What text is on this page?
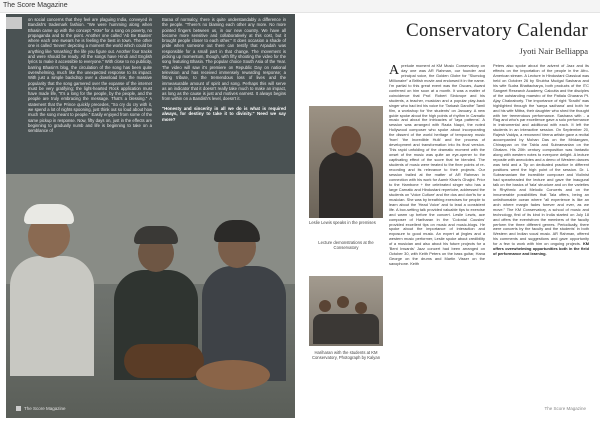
The Score Magazine
on social concerns that they feel are plaguing India, conveyed in Bandish's trademark fashion. "We were humming along when Bhasin came up with the concept "Vote" for a song on poverty, no propaganda and to the point. Another one called 'Ab Be Baaten' where each one swears he is feeling the best in town. The other one is called 'Seven' depicting a moment the world which could be anything like 'smashing' the life you figure out. Another four tracks and were should be ready. All the songs have Hindi and English lyrics to make it accessible to everyone." With close to no publicity, barring Bhasin's blog, the circulation of the song has been quite overwhelming, much like the unexpected response to its impact. With just a simple backdrop over a download link, the massive popularity that the song garnered over the expanse of the internet must be very gratifying; the light-hearted Rock application must have made life, "It's a long for the people, by the people, and the people are truly embracing the message. That's a blessing." A statement that the Prince quickly precedes, "So cry do cry with it, we spend a lot of nights spooning, just think out so loud about how much the song meant to people." Easily enjoyed from some of the same pickup in response. Now, fifty days on, just in the effects are beginning to gradually numb and life is beginning to take on a semblance of
Baraa of normalcy, there is quite understandably a difference in the people. "There's no blaming each other any more. No more pointed fingers between us, in our new country. We have all become more sensitive and collaboratively at this cost, but it brought people closer to each other." It does occasion a shade of pride when someone out there can testify that Arpadah was responsible for a small part in that change. The movement is picking up momentum, though, with fifty shooting the video for the song featuring Bhasin. The popular choice South Asia of the Year. The video will saw it's premiere on Republic Day on national television and has received immensely rewarding response; a fitting tribute, to the tremendous loss of lives and the immeasurable amount of spirit and song. Perhaps this will serve as an indicator that it doesn't really take much to make an impact, as long as the cause is just and motives earnest. It always begins from within on a Bandish's level, doesn't it.
"Honesty and sincerity in all we do is what is required always, for destiny to take it to divinity." Need we say more?
The Score Magazine
Conservatory Calendar
Jyoti Nair Belliappa
Leslie Lewis speaks in the premises
Lecture demonstrations at the Conservatory
Hariharan with the students at KM Conservatory, Photograph by Kalyan
Aprelude moment at KM Music Conservatory on day one was AR Rahman, our founder and principal voice, the Golden Globe for "Slumdog Millionaire" a British movie and endorsed it in the name. I'm partial to this great event was the Oscars, Award conferred on him soon at a month. It was a matter of coincidence that Prof. Robert Sinicrope and his students, a teacher, musician and a popular play-back singer who had led his voice for 'Tarkash Dandhe' Tamil film, a workshop for 'the students' on January. A new guide spoke about the high points of rhythm in Carnatic music and about the intricacies of 'laya patterns'. A session was arranged with Razia Naqvi, the noted Hollywood composer who spoke about incorporating the dissent of the world heritage of temporary music 'from' 'the Incredible Hulk' and the process of development and transformation into its final version. This rapid unfolding of the dramatic moment with the onset of the music was quite an eye-opener to the captivating effect of the score that he blended. The students of music were treated to the finer points of re-recording and its relevance to their projects. Our session trailed at the matter of AR Rahman in connection with his work for Aamir Khan's Ghajini. Prior to the Hambone + the celebrated singer who has a large Carnatic and Hindustani repertoire, addressed the students on 'Voice Culture' and the dos and don'ts for a musician. She was by breathing exercises for people to learn about the 'Head Voice' and to lead a consistent life. A box-setting talk provided valuable tips to exercise and warm up before the concert. Leslie Lewis, ace composer of Hariharan in the 'Colonial Cousins' provided excellent tips on music and music-blogs. He spoke about the importance of interaction and exposure to good music. An expert at jingles and a western music performer, Leslie spoke about credibility of a musician and also about his future projects for a 'Bent Inwards' Jazz concert had been arranged on October 30, with Keith Peters on the bass guitar, Hana George on the drums and Martin Visser on the saxophone. Keith
Peters also spoke about the advent of Jazz and its effects on the importation of the people in the Afro-American stream. A Lecture in Hindustani Classical was held on October 26 by Shubha Mudgal Sashana and his wife Sudra Bhattacharya, both products of the ITC Sangeet Research Academy, Calcutta and the disciples of the outstanding maestro of the Patiala Gharana Pt. Ajay Chakraborty. The importance of right 'Sradhi' was highlighted through the 'sanya sadhana' and both he and his wife Mittra, their daughter who shed the thought with her tremendous performance. Sashana with - a Rag and who's par excellence gave a solo performance in instrumental and additional with each. It left the students in an interactive session. On September 20, Rajesh Vaidya, a renowned Veena artiste gave a recital accompanied by Mohan Das on the Mridangam, Chinappan on the Tabla and Subramanian on the Ghatam. His 20th century composition was fantastic along with western notes to everyone delight. A lecture reposite with anecdotes and a demo of Western dances was held and a Tip on dedicated practice in different positions went the high point of the session. Dr. L Subramaniam the incredible composer and Violinist had spearheaded the lecture and gave the inaugural talk on the basics of 'tala' structure and on the varieties in Rhythmic and Melodic Concerts and on the innumerable possibilities that Tala offers, being an unfathomable ocean where "all experience is like an arch where margin fades forever and ever, as we move." The KM Conservatory, a school of music and technology, first of its kind in India started on July 18 and offers the eventsfrom the members of the faculty perform the three different genres. Periodically, there were concerts by the faculty and the students' in both Western and Indian vocal music. AR Rahman, offered his comments and suggestions and gave opportunity for a few to work with him on ongoing projects. KM offers overwhelming opportunities both in the field of performance and learning.
The Score Magazine
